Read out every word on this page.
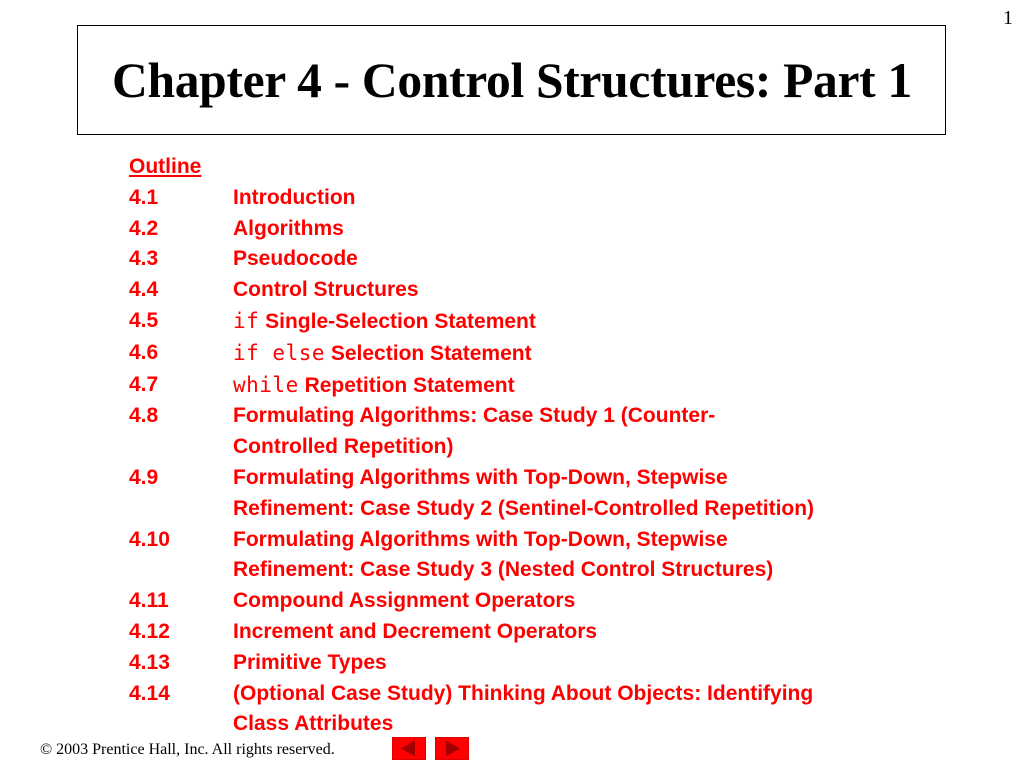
1
Chapter 4 - Control Structures: Part 1
Outline
4.1	Introduction
4.2	Algorithms
4.3	Pseudocode
4.4	Control Structures
4.5	if Single-Selection Statement
4.6	if else Selection Statement
4.7	while Repetition Statement
4.8	Formulating Algorithms: Case Study 1 (Counter-
Controlled Repetition)
4.9	Formulating Algorithms with Top-Down, Stepwise
Refinement: Case Study 2 (Sentinel-Controlled Repetition)
4.10	Formulating Algorithms with Top-Down, Stepwise
Refinement: Case Study 3 (Nested Control Structures)
4.11	Compound Assignment Operators
4.12	Increment and Decrement Operators
4.13	Primitive Types
4.14	(Optional Case Study) Thinking About Objects: Identifying
Class Attributes
© 2003 Prentice Hall, Inc. All rights reserved.
